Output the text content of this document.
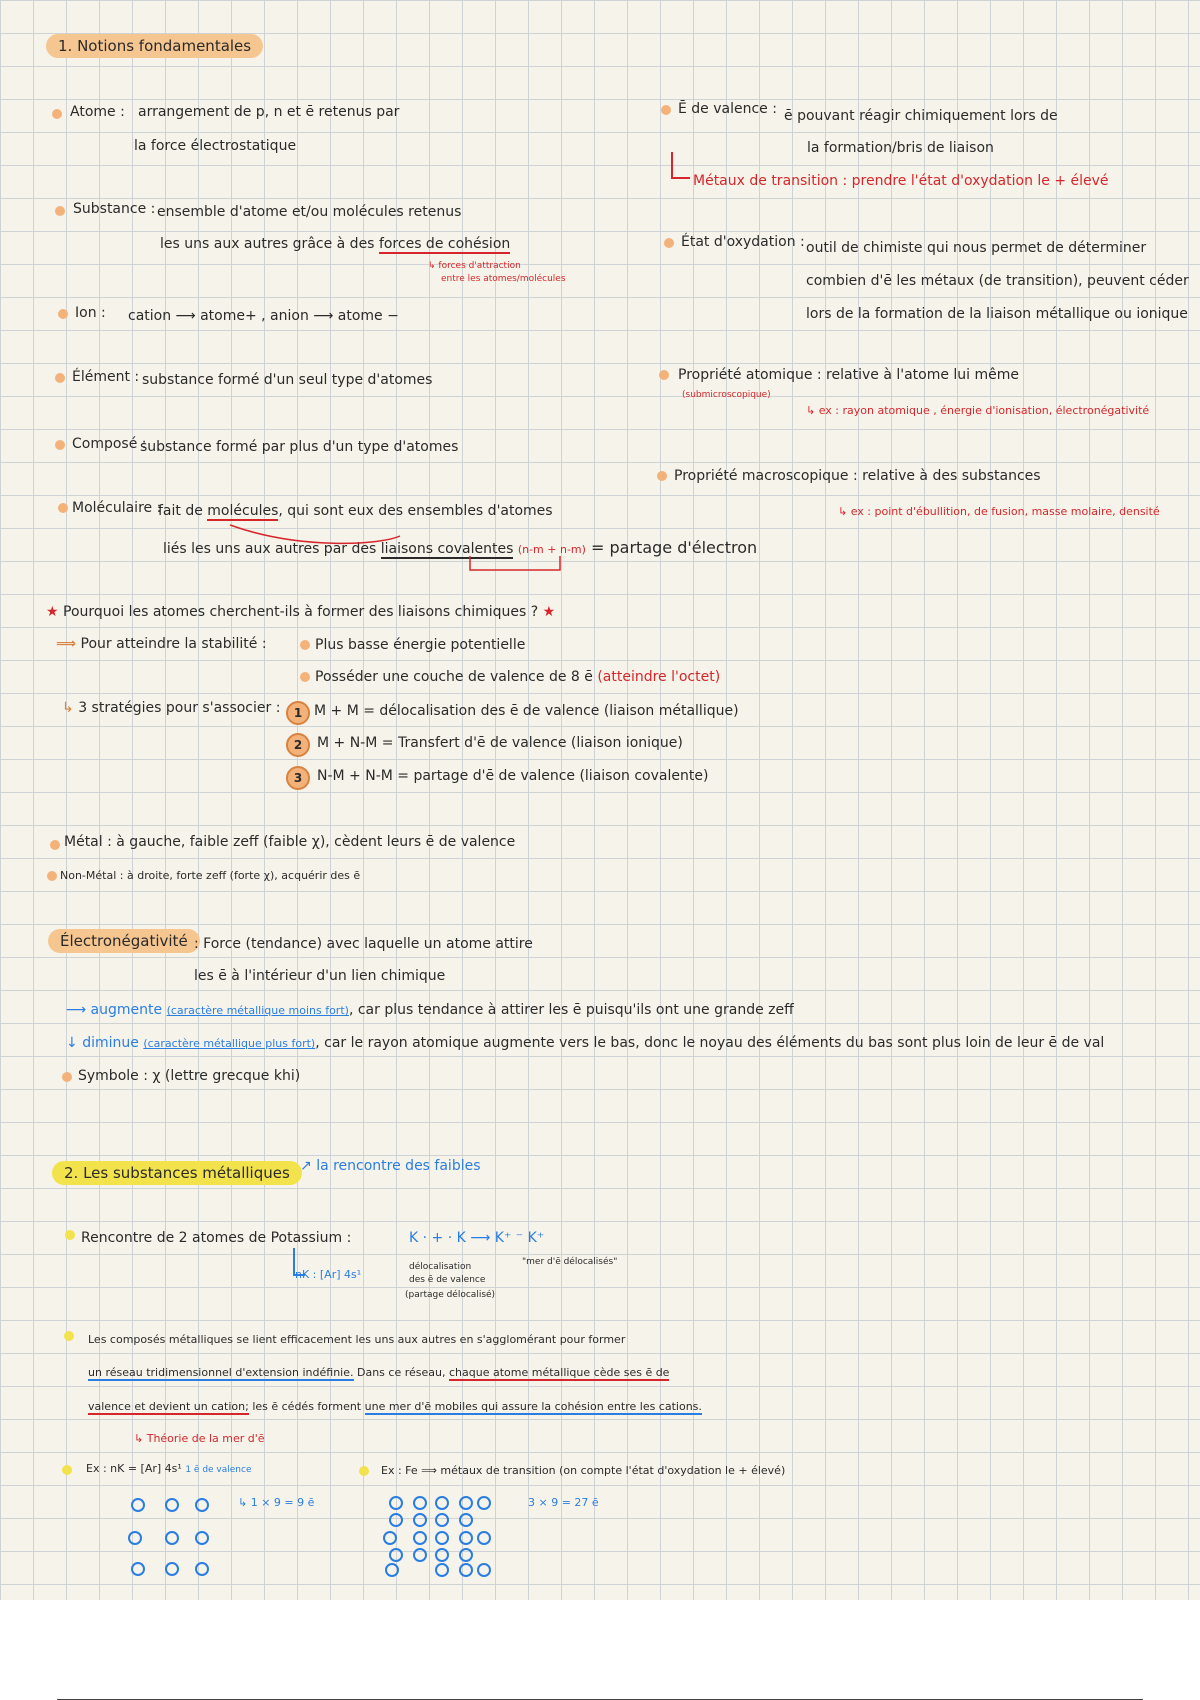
1. Notions fondamentales
Atome : arrangement de p, n et ē retenus par
la force électrostatique
Substance : ensemble d'atome et/ou molécules retenus
les uns aux autres grâce à des forces de cohésion
↳ forces d'attraction
entre les atomes/molécules
Ion : cation ⟶ atome+ , anion ⟶ atome −
Élément : substance formé d'un seul type d'atomes
Composé :
substance formé par plus d'un type d'atomes
Moléculaire :
fait de molécules, qui sont eux des ensembles d'atomes
liés les uns aux autres par des liaisons covalentes (n-m + n-m) = partage d'électron
Ē de valence : ē pouvant réagir chimiquement lors de
la formation/bris de liaison
Métaux de transition : prendre l'état d'oxydation le + élevé
État d'oxydation : outil de chimiste qui nous permet de déterminer
combien d'ē les métaux (de transition), peuvent céder
lors de la formation de la liaison métallique ou ionique
Propriété atomique : relative à l'atome lui même
(submicroscopique)
↳ ex : rayon atomique , énergie d'ionisation, électronégativité
Propriété macroscopique : relative à des substances
↳ ex : point d'ébullition, de fusion, masse molaire, densité
★ Pourquoi les atomes cherchent-ils à former des liaisons chimiques ? ★
⟹ Pour atteindre la stabilité :	Plus basse énergie potentielle
Posséder une couche de valence de 8 ē (atteindre l'octet)
↳ 3 stratégies pour s'associer :	1 M + M = délocalisation des ē de valence (liaison métallique)
2	M + N-M = Transfert d'ē de valence (liaison ionique)
3	N-M + N-M = partage d'ē de valence (liaison covalente)
Métal : à gauche, faible zeff (faible χ), cèdent leurs ē de valence
Non-Métal : à droite, forte zeff (forte χ), acquérir des ē
Électronégativité : Force (tendance) avec laquelle un atome attire
les ē à l'intérieur d'un lien chimique
⟶ augmente (caractère métallique moins fort), car plus tendance à attirer les ē puisqu'ils ont une grande zeff
↓ diminue (caractère métallique plus fort), car le rayon atomique augmente vers le bas, donc le noyau des éléments du bas sont plus loin de leur ē de val
Symbole : χ (lettre grecque khi)
2. Les substances métalliques ↗ la rencontre des faibles
Rencontre de 2 atomes de Potassium :
nK : [Ar] 4s¹
K · + · K ⟶ K⁺ ⁻ K⁺
délocalisation
des ē de valence
(partage délocalisé)
"mer d'ē délocalisés"
Les composés métalliques se lient efficacement les uns aux autres en s'agglomérant pour former
un réseau tridimensionnel d'extension indéfinie. Dans ce réseau, chaque atome métallique cède ses ē de
valence et devient un cation; les ē cédés forment une mer d'ē mobiles qui assure la cohésion entre les cations.
↳ Théorie de la mer d'ē
Ex : nK = [Ar] 4s¹ 1 ē de valence
↳ 1 × 9 = 9 ē
Ex : Fe ⟹ métaux de transition (on compte l'état d'oxydation le + élevé)
3 × 9 = 27 ē
